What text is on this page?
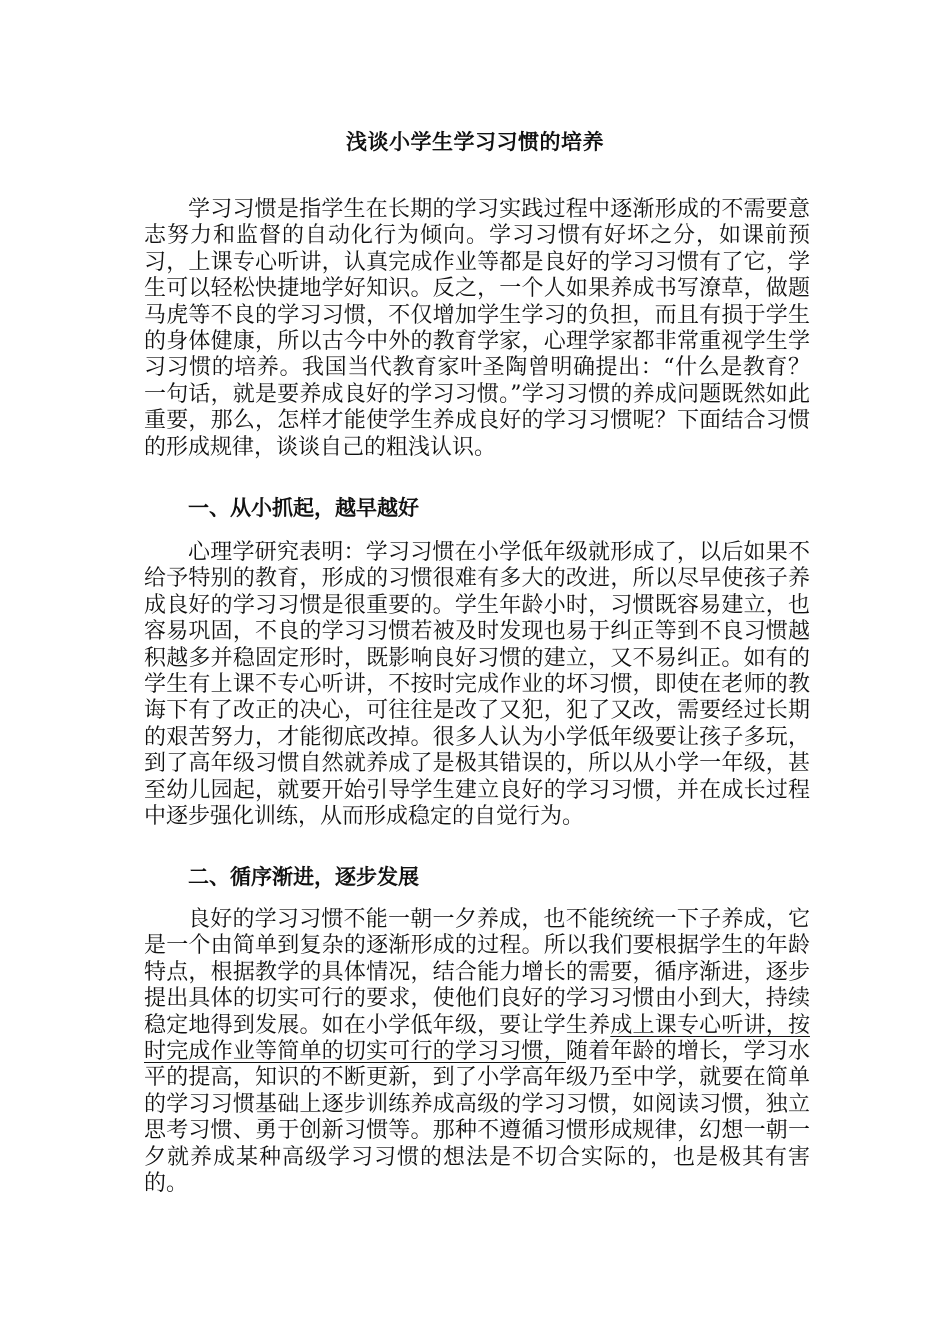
浅谈小学生学习习惯的培养

学习习惯是指学生在长期的学习实践过程中逐渐形成的不需要意志努力和监督的自动化行为倾向。学习习惯有好坏之分，如课前预习，上课专心听讲，认真完成作业等都是良好的学习习惯有了它，学生可以轻松快捷地学好知识。反之，一个人如果养成书写潦草，做题马虎等不良的学习习惯，不仅增加学生学习的负担，而且有损于学生的身体健康，所以古今中外的教育学家，心理学家都非常重视学生学习习惯的培养。我国当代教育家叶圣陶曾明确提出：“什么是教育？一句话，就是要养成良好的学习习惯。”学习习惯的养成问题既然如此重要，那么，怎样才能使学生养成良好的学习习惯呢？下面结合习惯的形成规律，谈谈自己的粗浅认识。

一、从小抓起，越早越好

心理学研究表明：学习习惯在小学低年级就形成了，以后如果不给予特别的教育，形成的习惯很难有多大的改进，所以尽早使孩子养成良好的学习习惯是很重要的。学生年龄小时，习惯既容易建立，也容易巩固，不良的学习习惯若被及时发现也易于纠正等到不良习惯越积越多并稳固定形时，既影响良好习惯的建立，又不易纠正。如有的学生有上课不专心听讲，不按时完成作业的坏习惯，即使在老师的教诲下有了改正的决心，可往往是改了又犯，犯了又改，需要经过长期的艰苦努力，才能彻底改掉。很多人认为小学低年级要让孩子多玩，到了高年级习惯自然就养成了是极其错误的，所以从小学一年级，甚至幼儿园起，就要开始引导学生建立良好的学习习惯，并在成长过程中逐步强化训练，从而形成稳定的自觉行为。

二、循序渐进，逐步发展

良好的学习习惯不能一朝一夕养成，也不能统统一下子养成，它是一个由简单到复杂的逐渐形成的过程。所以我们要根据学生的年龄特点，根据教学的具体情况，结合能力增长的需要，循序渐进，逐步提出具体的切实可行的要求，使他们良好的学习习惯由小到大，持续稳定地得到发展。如在小学低年级，要让学生养成上课专心听讲，按时完成作业等简单的切实可行的学习习惯，随着年龄的增长，学习水平的提高，知识的不断更新，到了小学高年级乃至中学，就要在简单的学习习惯基础上逐步训练养成高级的学习习惯，如阅读习惯，独立思考习惯、勇于创新习惯等。那种不遵循习惯形成规律，幻想一朝一夕就养成某种高级学习习惯的想法是不切合实际的，也是极其有害的。
